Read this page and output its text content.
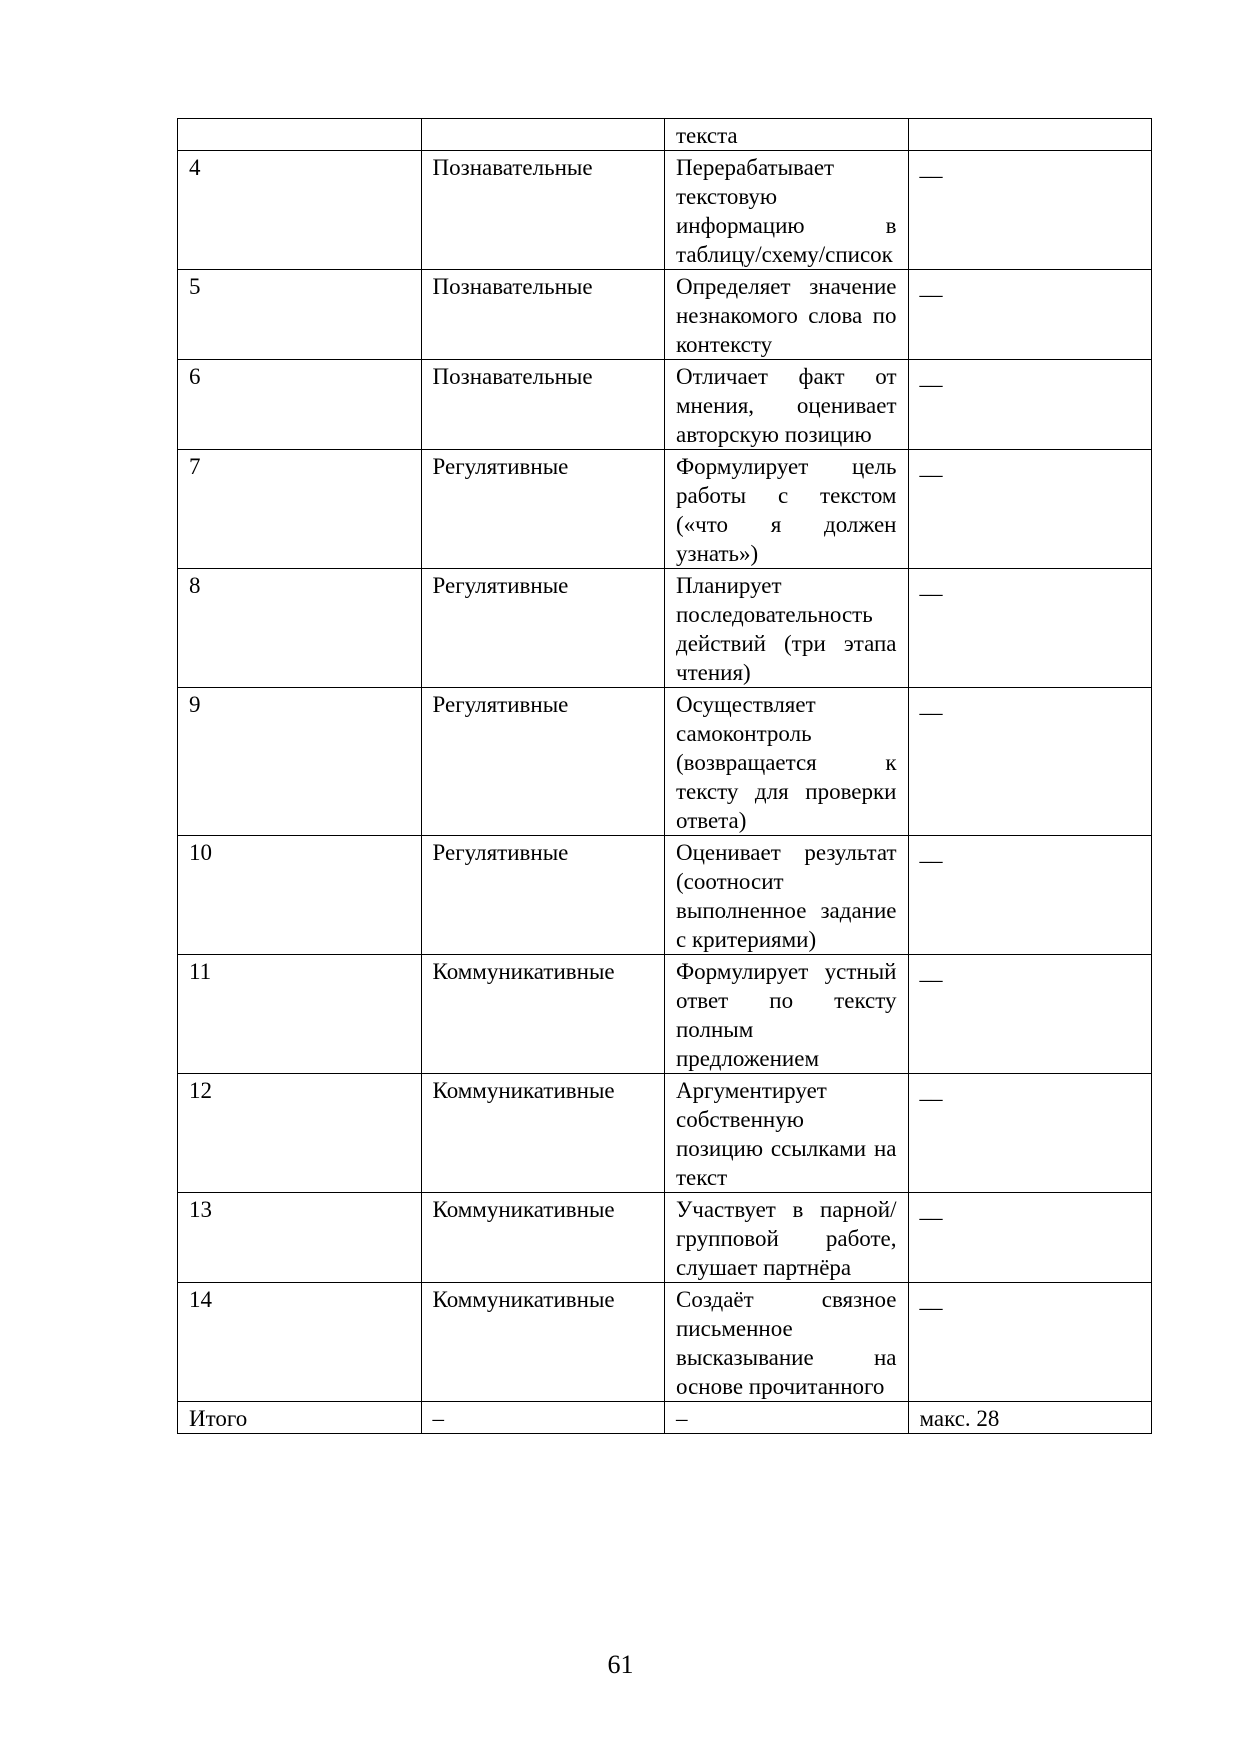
		текста	
4	Познавательные	Перерабатывает текстовую информацию в таблицу/схему/список	__
5	Познавательные	Определяет значение незнакомого слова по контексту	__
6	Познавательные	Отличает факт от мнения, оценивает авторскую позицию	__
7	Регулятивные	Формулирует цель работы с текстом («что я должен узнать»)	__
8	Регулятивные	Планирует последовательность действий (три этапа чтения)	__
9	Регулятивные	Осуществляет самоконтроль (возвращается к тексту для проверки ответа)	__
10	Регулятивные	Оценивает результат (соотносит выполненное задание с критериями)	__
11	Коммуникативные	Формулирует устный ответ по тексту полным предложением	__
12	Коммуникативные	Аргументирует собственную позицию ссылками на текст	__
13	Коммуникативные	Участвует в парной/групповой работе, слушает партнёра	__
14	Коммуникативные	Создаёт связное письменное высказывание на основе прочитанного	__
Итого	–	–	макс. 28
61
